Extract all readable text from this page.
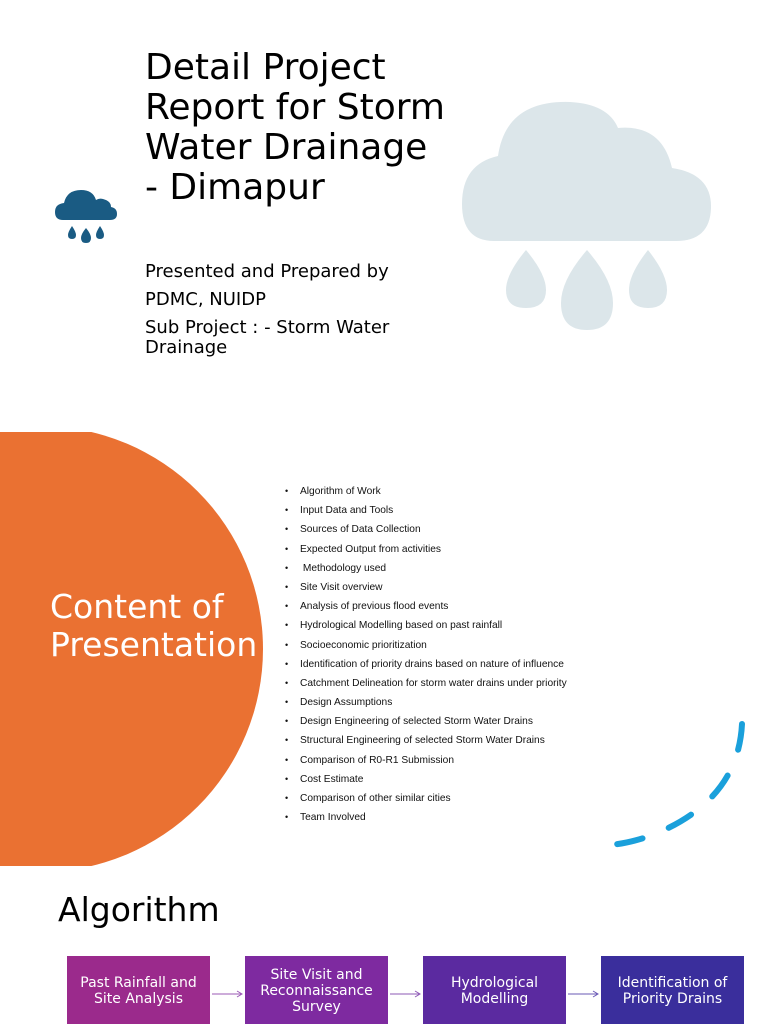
Detail Project Report for Storm Water Drainage - Dimapur

Presented and Prepared by PDMC, NUIDP

Sub Project : - Storm Water Drainage

Content of Presentation
• Algorithm of Work
• Input Data and Tools
• Sources of Data Collection
• Expected Output from activities
•  Methodology used
• Site Visit overview
• Analysis of previous flood events
• Hydrological Modelling based on past rainfall
• Socioeconomic prioritization
• Identification of priority drains based on nature of influence
• Catchment Delineation for storm water drains under priority
• Design Assumptions
• Design Engineering of selected Storm Water Drains
• Structural Engineering of selected Storm Water Drains
• Comparison of R0-R1 Submission
• Cost Estimate
• Comparison of other similar cities
• Team Involved
Algorithm
Past Rainfall and Site Analysis
Site Visit and Reconnaissance Survey
Hydrological Modelling
Identification of Priority Drains
